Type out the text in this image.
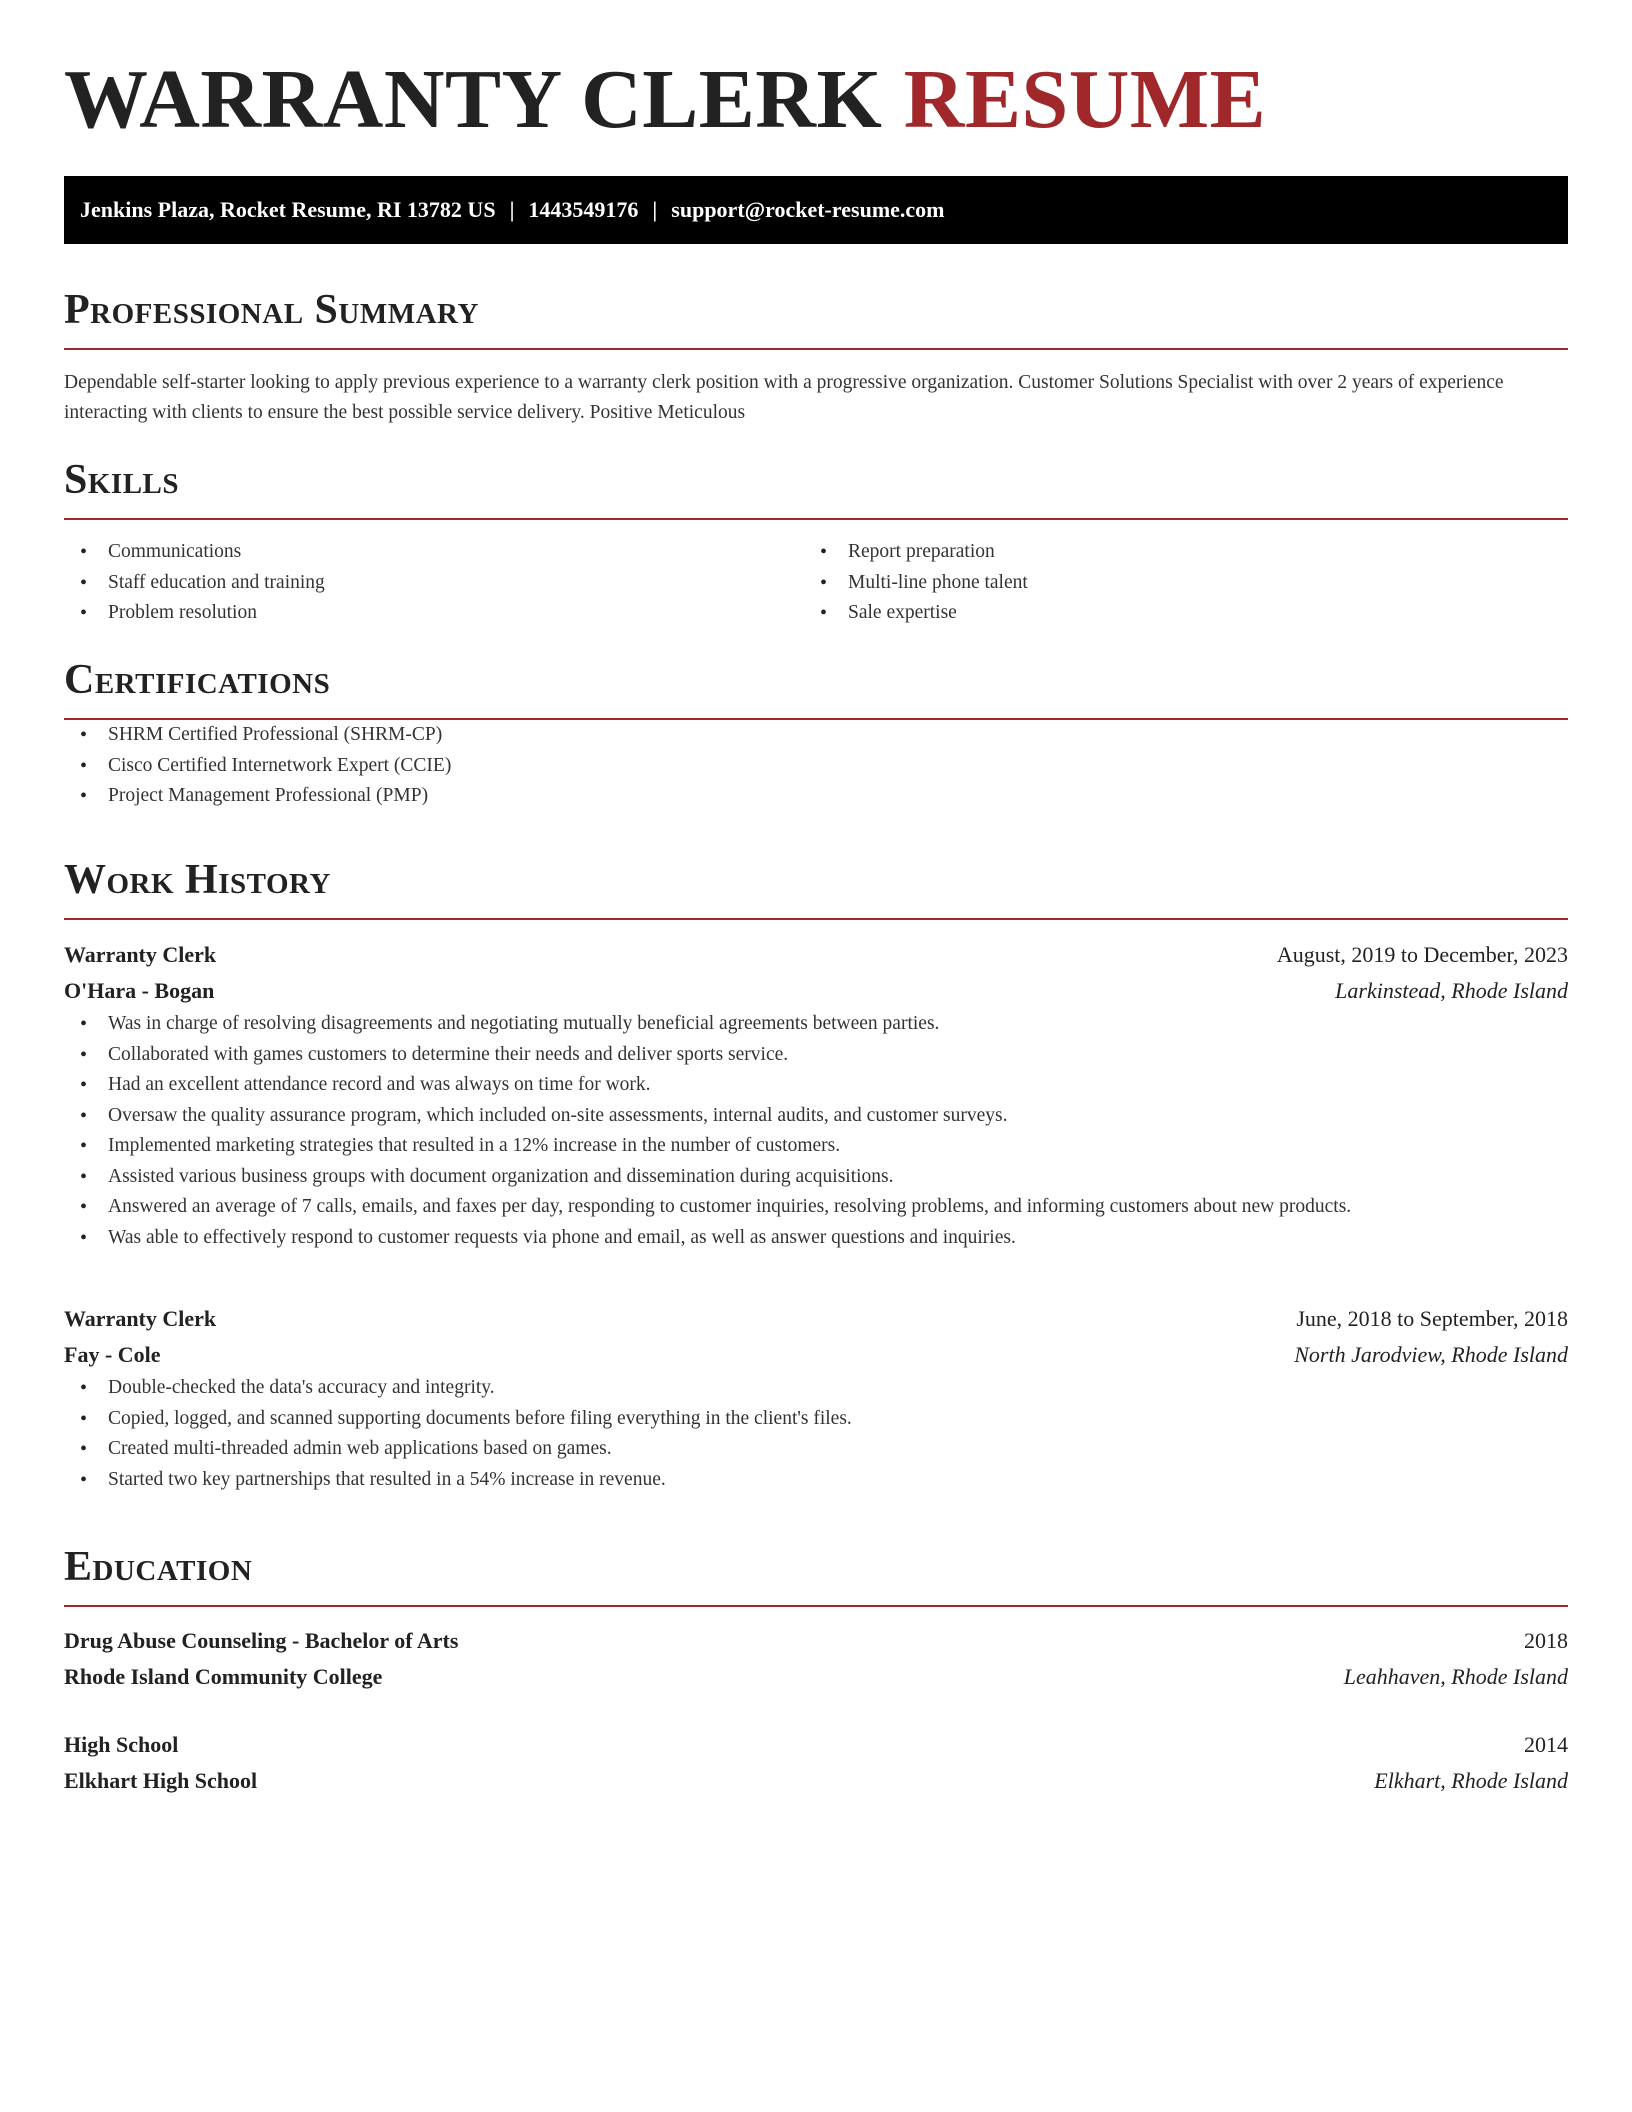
WARRANTY CLERK RESUME
Jenkins Plaza, Rocket Resume, RI 13782 US | 1443549176 | support@rocket-resume.com
Professional Summary

Dependable self-starter looking to apply previous experience to a warranty clerk position with a progressive organization. Customer Solutions Specialist with over 2 years of experience interacting with clients to ensure the best possible service delivery. Positive Meticulous

Skills
• Communications
• Staff education and training
• Problem resolution
• Report preparation
• Multi-line phone talent
• Sale expertise
Certifications
• SHRM Certified Professional (SHRM-CP)
• Cisco Certified Internetwork Expert (CCIE)
• Project Management Professional (PMP)
Work History
Warranty Clerk	August, 2019 to December, 2023
O'Hara - Bogan	Larkinstead, Rhode Island
• Was in charge of resolving disagreements and negotiating mutually beneficial agreements between parties.
• Collaborated with games customers to determine their needs and deliver sports service.
• Had an excellent attendance record and was always on time for work.
• Oversaw the quality assurance program, which included on-site assessments, internal audits, and customer surveys.
• Implemented marketing strategies that resulted in a 12% increase in the number of customers.
• Assisted various business groups with document organization and dissemination during acquisitions.
• Answered an average of 7 calls, emails, and faxes per day, responding to customer inquiries, resolving problems, and informing customers about new products.
• Was able to effectively respond to customer requests via phone and email, as well as answer questions and inquiries.
Warranty Clerk	June, 2018 to September, 2018
Fay - Cole	North Jarodview, Rhode Island
• Double-checked the data's accuracy and integrity.
• Copied, logged, and scanned supporting documents before filing everything in the client's files.
• Created multi-threaded admin web applications based on games.
• Started two key partnerships that resulted in a 54% increase in revenue.
Education
Drug Abuse Counseling - Bachelor of Arts	2018
Rhode Island Community College	Leahhaven, Rhode Island
High School	2014
Elkhart High School	Elkhart, Rhode Island
